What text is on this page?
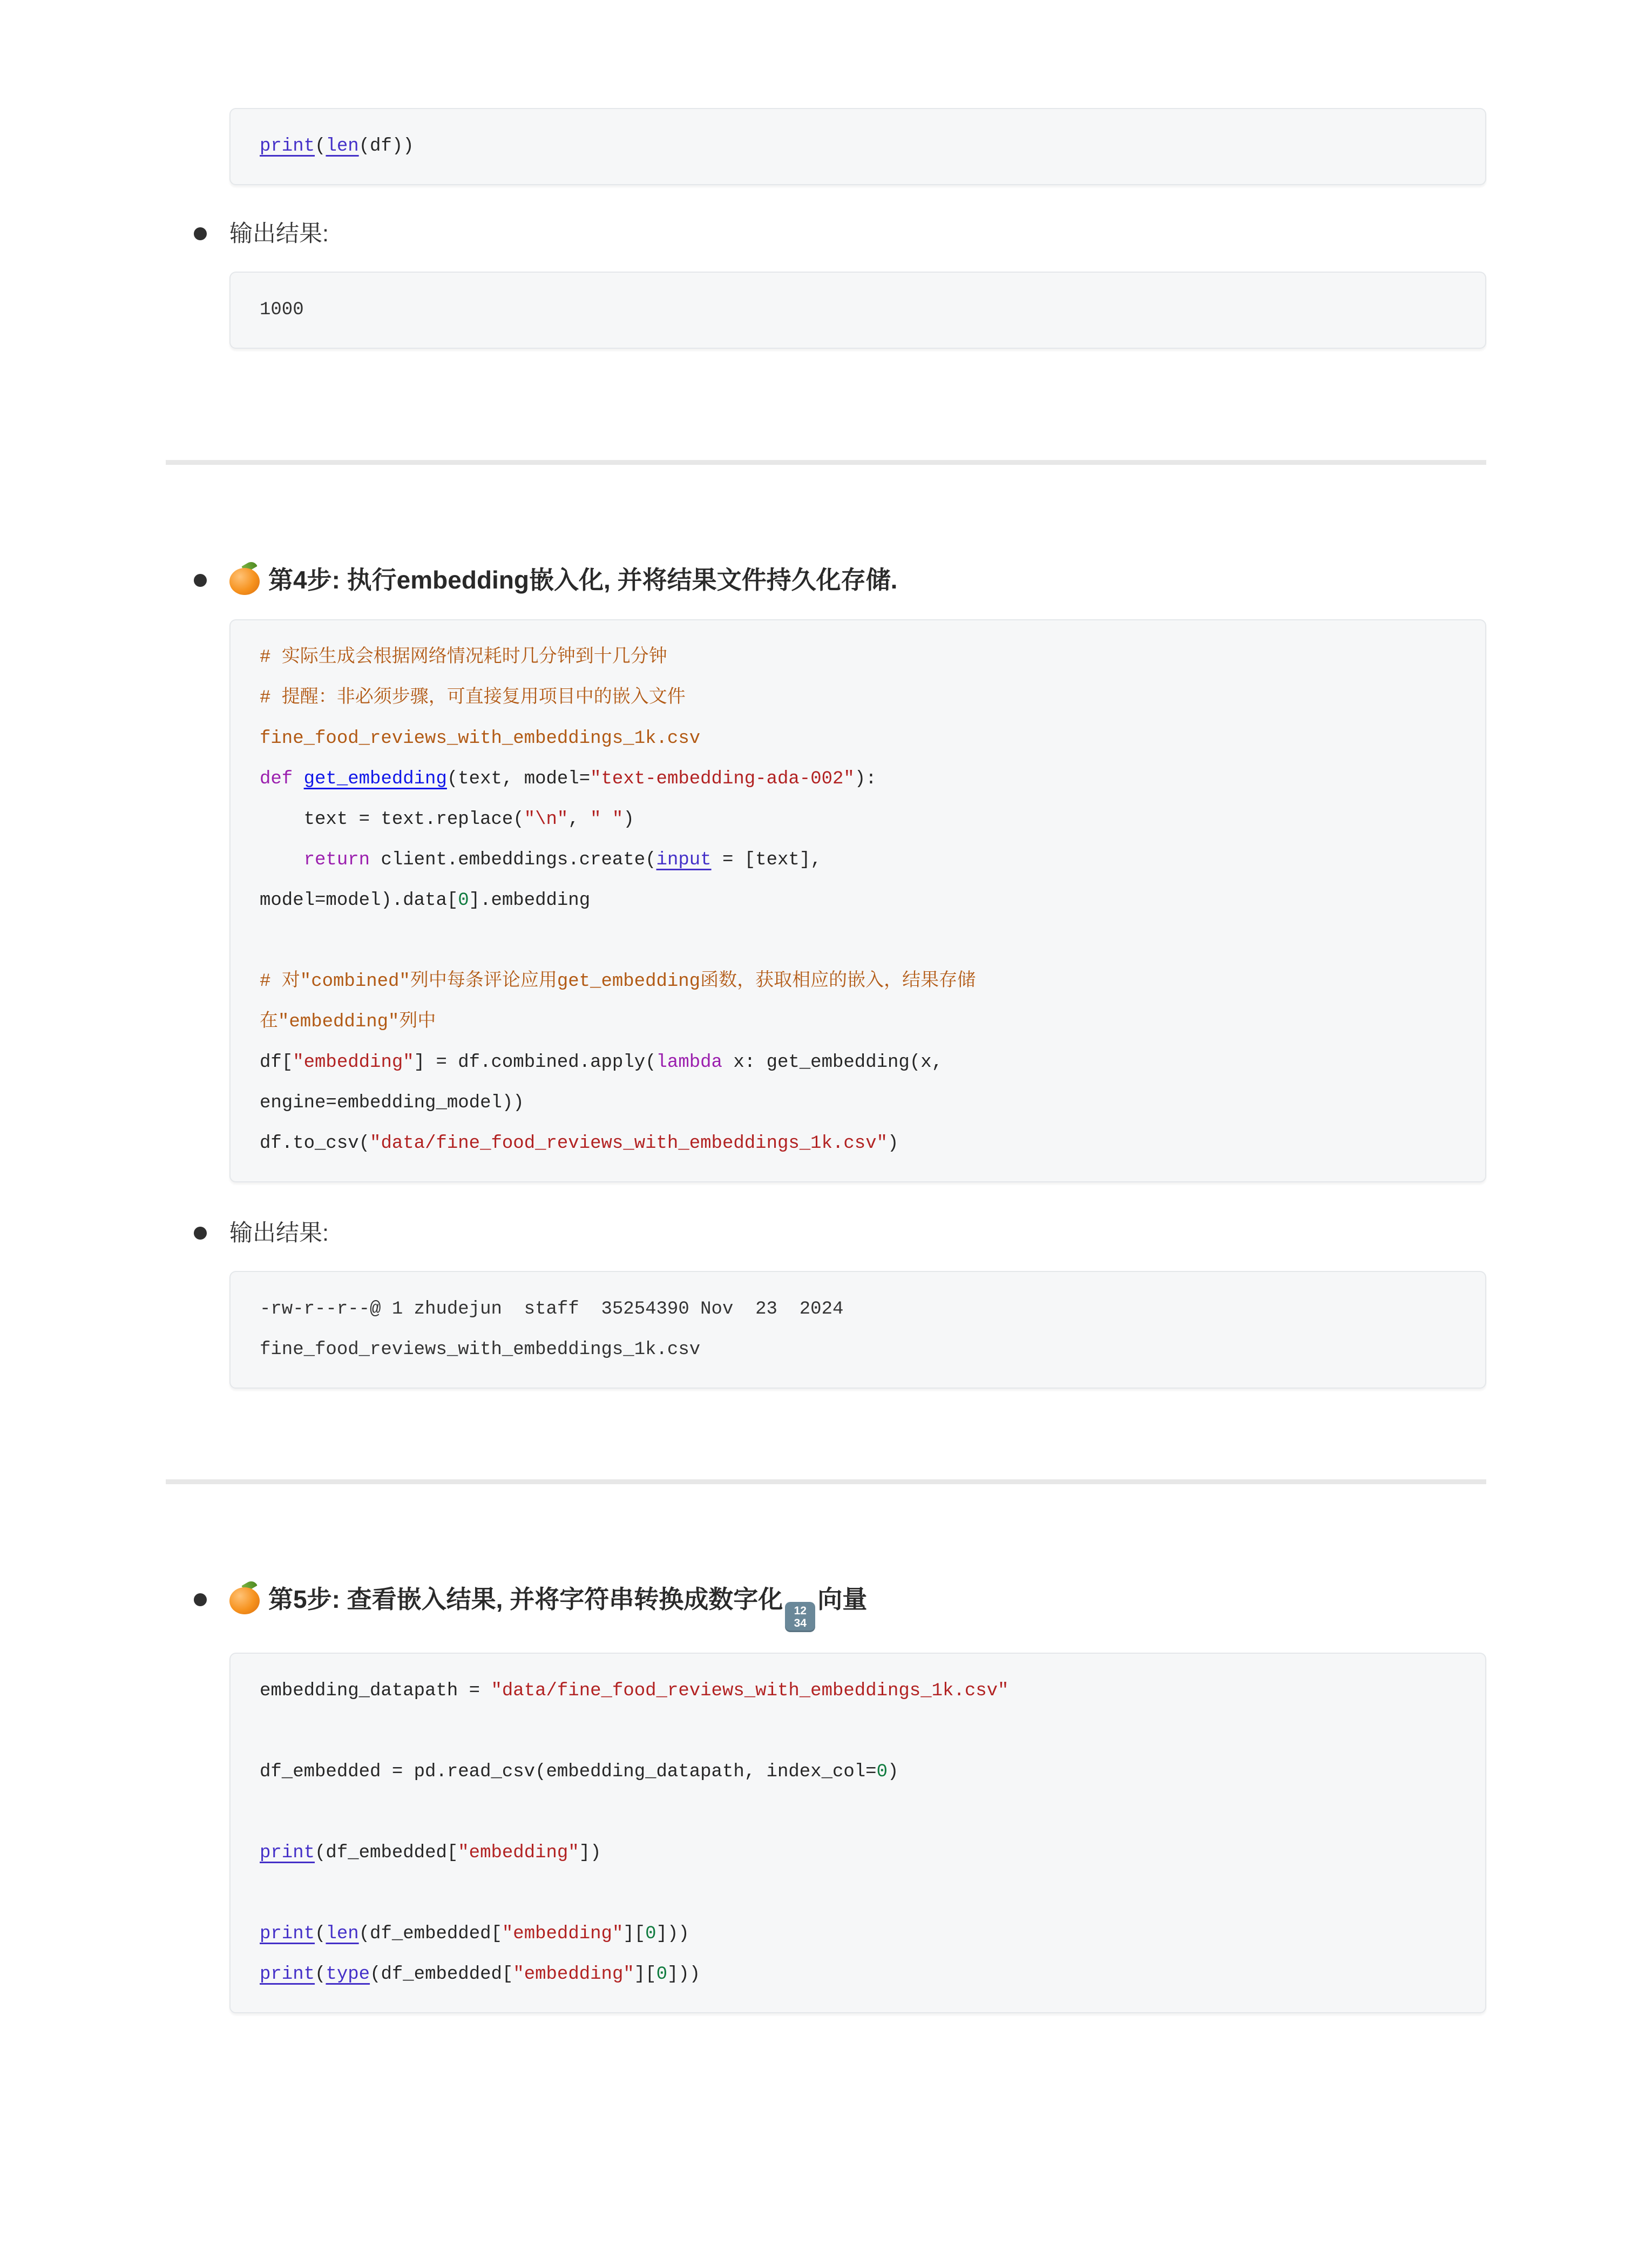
print(len(df))
输出结果:
1000
第4步: 执行embedding嵌入化, 并将结果文件持久化存储.
# 实际生成会根据网络情况耗时几分钟到十几分钟
# 提醒：非必须步骤，可直接复用项目中的嵌入文件
fine_food_reviews_with_embeddings_1k.csv
def get_embedding(text, model="text-embedding-ada-002"):
text = text.replace("\n", " ")
return client.embeddings.create(input = [text],
model=model).data[0].embedding

# 对"combined"列中每条评论应用get_embedding函数，获取相应的嵌入，结果存储
在"embedding"列中
df["embedding"] = df.combined.apply(lambda x: get_embedding(x,
engine=embedding_model))
df.to_csv("data/fine_food_reviews_with_embeddings_1k.csv")
输出结果:
-rw-r--r--@ 1 zhudejun  staff  35254390 Nov  23  2024
fine_food_reviews_with_embeddings_1k.csv
第5步: 查看嵌入结果, 并将字符串转换成数字化 12
34
向量
embedding_datapath = "data/fine_food_reviews_with_embeddings_1k.csv"

df_embedded = pd.read_csv(embedding_datapath, index_col=0)

print(df_embedded["embedding"])

print(len(df_embedded["embedding"][0]))
print(type(df_embedded["embedding"][0]))
